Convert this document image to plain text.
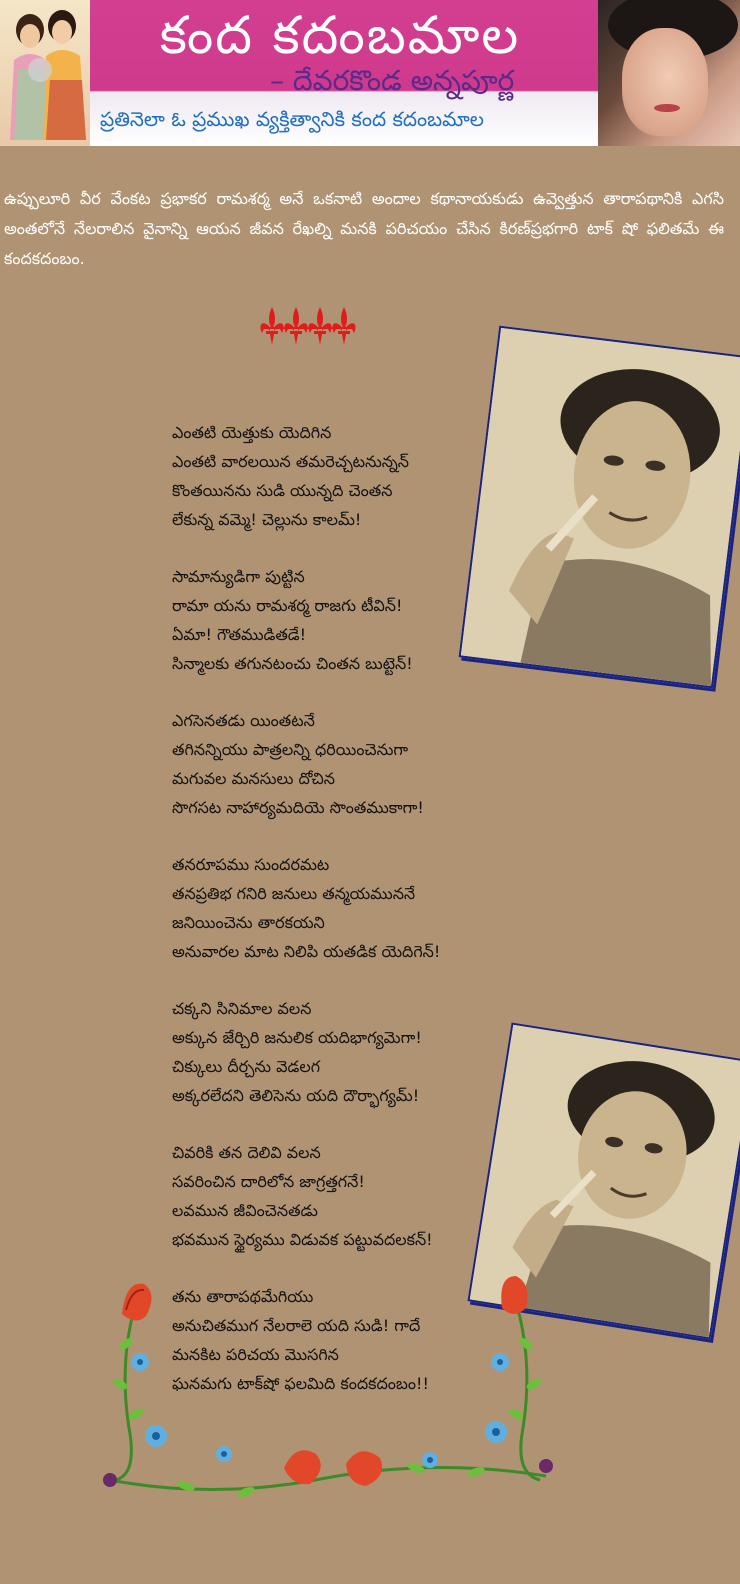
కంద కదంబమాల
– దేవరకొండ అన్నపూర్ణ
ప్రతినెలా ఓ ప్రముఖ వ్యక్తిత్వానికి కంద కదంబమాల
ఉప్పులూరి వీర వేంకట ప్రభాకర రామశర్మ అనే ఒకనాటి అందాల కథానాయకుడు ఉవ్వెత్తున తారాపథానికి ఎగసి అంతలోనే నేలరాలిన వైనాన్ని ఆయన జీవన రేఖల్ని మనకి పరిచయం చేసిన కిరణ్‌ప్రభగారి టాక్ షో ఫలితమే ఈ కందకదంబం.
ఎంతటి యెత్తుకు యెదిగిన
ఎంతటి వారలయిన తమరెచ్చటనున్నన్
కొంతయినను సుడి యున్నది చెంతన
లేకున్న వమ్మె! చెల్లును కాలమ్!
సామాన్యుడిగా పుట్టిన
రామా యను రామశర్మ రాజగు టీవిన్!
ఏమా! గౌతముడితడే!
సిన్మాలకు తగునటంచు చింతన బుట్టెన్!
ఎగసెనతడు యింతటనే
తగినన్నియు పాత్రలన్ని ధరియించెనుగా
మగువల మనసులు దోచిన
సొగసట నాహార్యమదియె సొంతముకాగా!
తనరూపము సుందరమట
తనప్రతిభ గనిరి జనులు తన్మయముననే
జనియించెను తారకయని
అనువారల మాట నిలిపి యతడిక యెదిగెన్!
చక్కని సినిమాల వలన
అక్కున జేర్చిరి జనులిక యదిభాగ్యమెగా!
చిక్కులు దీర్చను వెడలగ
అక్కరలేదని తెలిసెను యది దౌర్భాగ్యమ్!
చివరికి తన దెలివి వలన
సవరించిన దారిలోన జాగ్రత్తగనే!
లవమున జీవించెనతడు
భవమున స్థైర్యము విడువక పట్టువదలకన్!
తను తారాపథమేగియు
అనుచితముగ నేలరాలె యది సుడి! గాదే
మనకిట పరిచయ మొసగిన
ఘనమగు టాక్‌షో ఫలమిది కందకదంబం!!
